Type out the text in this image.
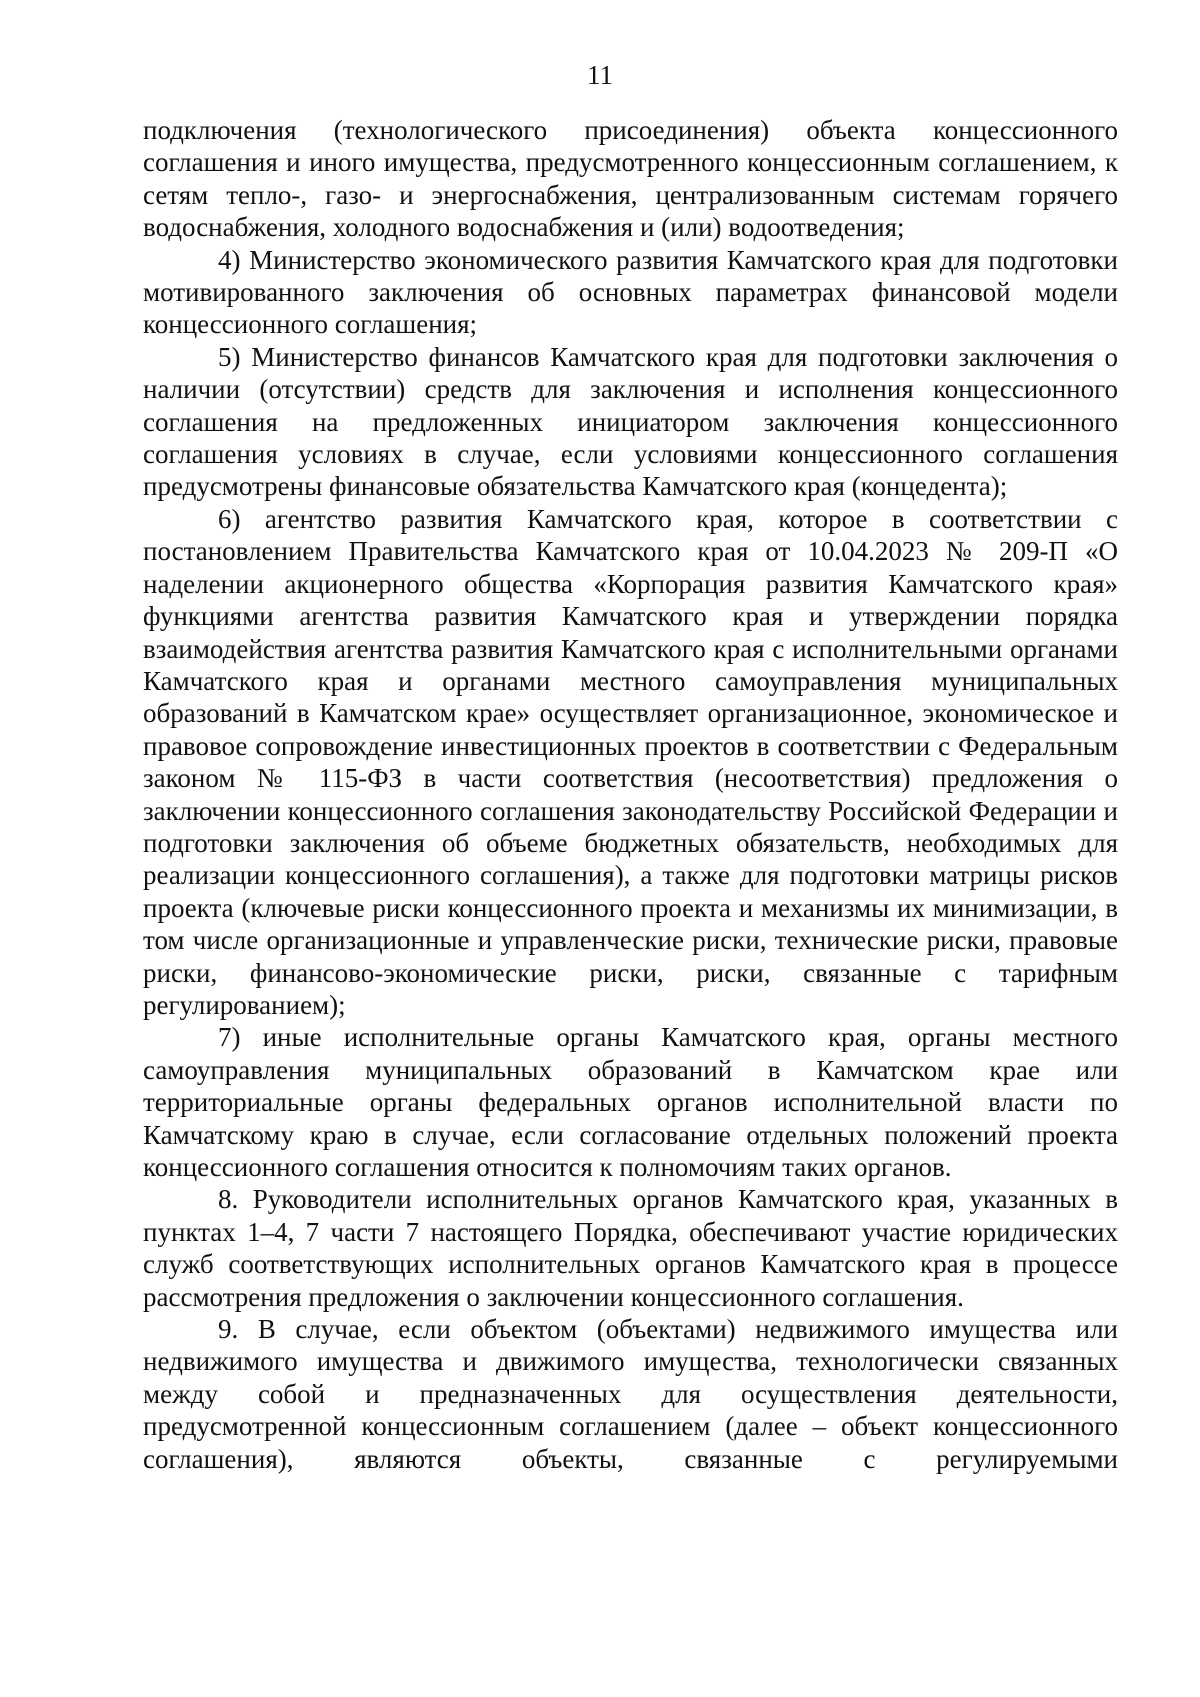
11

подключения (технологического присоединения) объекта концессионного соглашения и иного имущества, предусмотренного концессионным соглашением, к сетям тепло-, газо- и энергоснабжения, централизованным системам горячего водоснабжения, холодного водоснабжения и (или) водоотведения;

4) Министерство экономического развития Камчатского края для подготовки мотивированного заключения об основных параметрах финансовой модели концессионного соглашения;

5) Министерство финансов Камчатского края для подготовки заключения о наличии (отсутствии) средств для заключения и исполнения концессионного соглашения на предложенных инициатором заключения концессионного соглашения условиях в случае, если условиями концессионного соглашения предусмотрены финансовые обязательства Камчатского края (концедента);

6) агентство развития Камчатского края, которое в соответствии с постановлением Правительства Камчатского края от 10.04.2023 № 209-П «О наделении акционерного общества «Корпорация развития Камчатского края» функциями агентства развития Камчатского края и утверждении порядка взаимодействия агентства развития Камчатского края с исполнительными органами Камчатского края и органами местного самоуправления муниципальных образований в Камчатском крае» осуществляет организационное, экономическое и правовое сопровождение инвестиционных проектов в соответствии с Федеральным законом № 115-ФЗ в части соответствия (несоответствия) предложения о заключении концессионного соглашения законодательству Российской Федерации и подготовки заключения об объеме бюджетных обязательств, необходимых для реализации концессионного соглашения), а также для подготовки матрицы рисков проекта (ключевые риски концессионного проекта и механизмы их минимизации, в том числе организационные и управленческие риски, технические риски, правовые риски, финансово-экономические риски, риски, связанные с тарифным регулированием);

7) иные исполнительные органы Камчатского края, органы местного самоуправления муниципальных образований в Камчатском крае или территориальные органы федеральных органов исполнительной власти по Камчатскому краю в случае, если согласование отдельных положений проекта концессионного соглашения относится к полномочиям таких органов.

8. Руководители исполнительных органов Камчатского края, указанных в пунктах 1–4, 7 части 7 настоящего Порядка, обеспечивают участие юридических служб соответствующих исполнительных органов Камчатского края в процессе рассмотрения предложения о заключении концессионного соглашения.

9. В случае, если объектом (объектами) недвижимого имущества или недвижимого имущества и движимого имущества, технологически связанных между собой и предназначенных для осуществления деятельности, предусмотренной концессионным соглашением (далее – объект концессионного соглашения), являются объекты, связанные с регулируемыми
